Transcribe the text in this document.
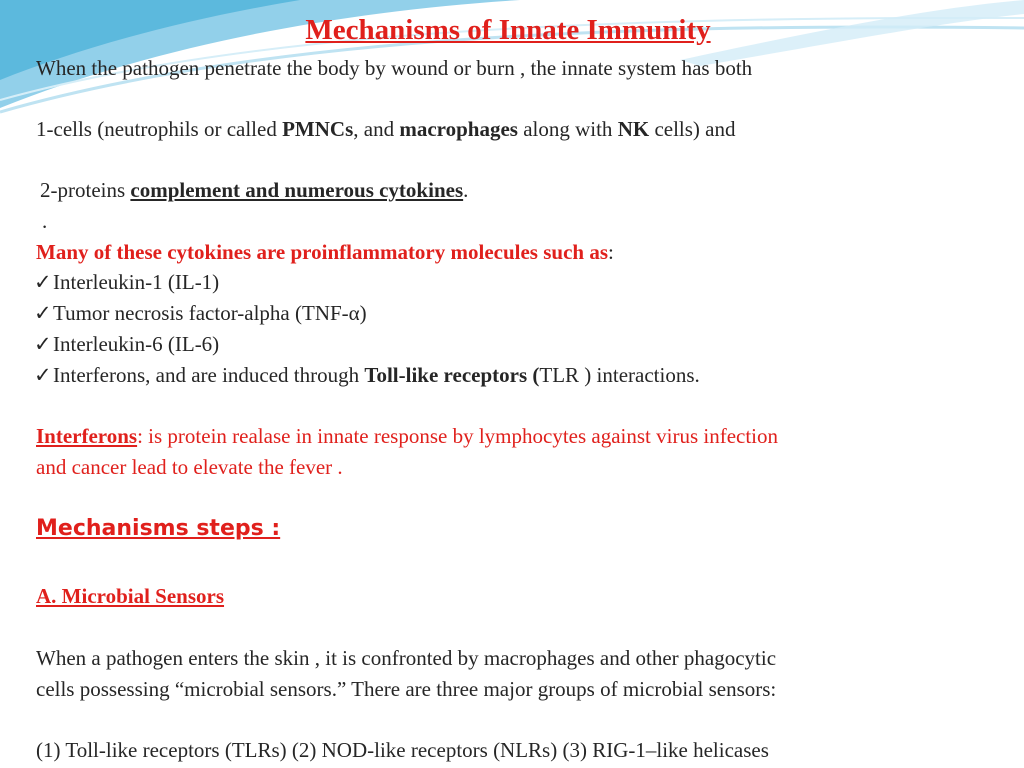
Mechanisms of Innate Immunity
When the pathogen penetrate the body by wound or burn , the innate system has both
1-cells (neutrophils or called PMNCs, and macrophages along with NK cells) and
2-proteins complement and numerous cytokines.
.
Many of these cytokines are proinflammatory molecules such as:
✓Interleukin-1 (IL-1)
✓Tumor necrosis factor-alpha (TNF-α)
✓Interleukin-6 (IL-6)
✓Interferons, and are induced through Toll-like receptors (TLR ) interactions.
Interferons: is protein realase in innate response by lymphocytes against virus infection
and cancer lead to elevate the fever .
Mechanisms steps :
A. Microbial Sensors
When a pathogen enters the skin , it is confronted by macrophages and other phagocytic
cells possessing “microbial sensors.” There are three major groups of microbial sensors:
(1) Toll-like receptors (TLRs) (2) NOD-like receptors (NLRs) (3) RIG-1–like helicases
